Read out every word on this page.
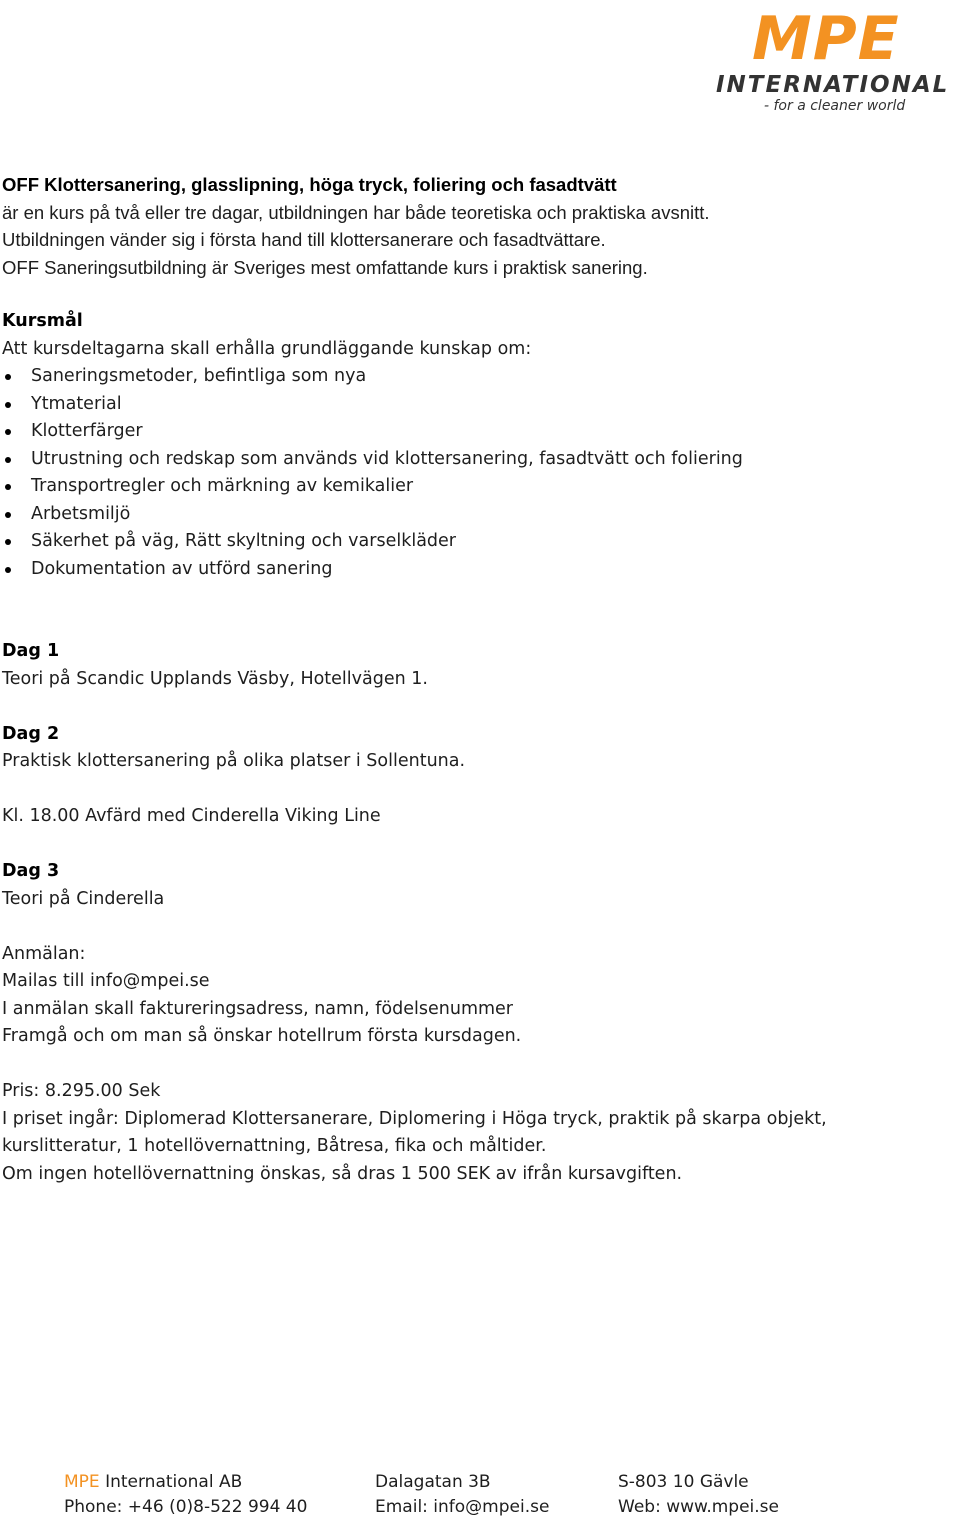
MPE
INTERNATIONAL
- for a cleaner world
OFF Klottersanering, glasslipning, höga tryck, foliering och fasadtvätt
är en kurs på två eller tre dagar, utbildningen har både teoretiska och praktiska avsnitt.
Utbildningen vänder sig i första hand till klottersanerare och fasadtvättare.
OFF Saneringsutbildning är Sveriges mest omfattande kurs i praktisk sanering.
Kursmål
Att kursdeltagarna skall erhålla grundläggande kunskap om:
Saneringsmetoder, befintliga som nya
Ytmaterial
Klotterfärger
Utrustning och redskap som används vid klottersanering, fasadtvätt och foliering
Transportregler och märkning av kemikalier
Arbetsmiljö
Säkerhet på väg, Rätt skyltning och varselkläder
Dokumentation av utförd sanering
Dag 1
Teori på Scandic Upplands Väsby, Hotellvägen 1.
Dag 2
Praktisk klottersanering på olika platser i Sollentuna.
Kl. 18.00 Avfärd med Cinderella Viking Line
Dag 3
Teori på Cinderella
Anmälan:
Mailas till info@mpei.se
I anmälan skall faktureringsadress, namn, födelsenummer
Framgå och om man så önskar hotellrum första kursdagen.
Pris: 8.295.00 Sek
I priset ingår: Diplomerad Klottersanerare, Diplomering i Höga tryck, praktik på skarpa objekt,
kurslitteratur, 1 hotellövernattning, Båtresa, fika och måltider.
Om ingen hotellövernattning önskas, så dras 1 500 SEK av ifrån kursavgiften.
MPE International AB	Dalagatan 3B	S-803 10 Gävle
Phone: +46 (0)8-522 994 40	Email: info@mpei.se	Web: www.mpei.se
